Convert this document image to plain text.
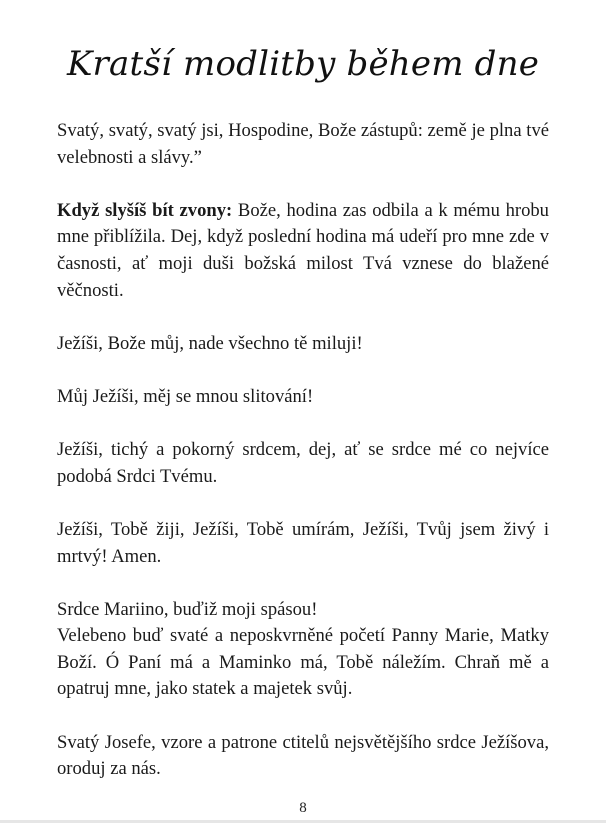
Kratší modlitby během dne

Svatý, svatý, svatý jsi, Hospodine, Bože zástupů: země je plna tvé velebnosti a slávy.”

Když slyšíš bít zvony: Bože, hodina zas odbila a k mému hrobu mne přiblížila. Dej, když poslední hodina má udeří pro mne zde v časnosti, ať moji duši božská milost Tvá vznese do blažené věčnosti.

Ježíši, Bože můj, nade všechno tě miluji!

Můj Ježíši, měj se mnou slitování!

Ježíši, tichý a pokorný srdcem, dej, ať se srdce mé co nejvíce podobá Srdci Tvému.

Ježíši, Tobě žiji, Ježíši, Tobě umírám, Ježíši, Tvůj jsem živý i mrtvý! Amen.

Srdce Mariino, buďiž moji spásou!

Velebeno buď svaté a neposkvrněné početí Panny Marie, Matky Boží. Ó Paní má a Maminko má, Tobě náležím. Chraň mě a opatruj mne, jako statek a majetek svůj.

Svatý Josefe, vzore a patrone ctitelů nejsvětějšího srdce Ježíšova, oroduj za nás.

8
